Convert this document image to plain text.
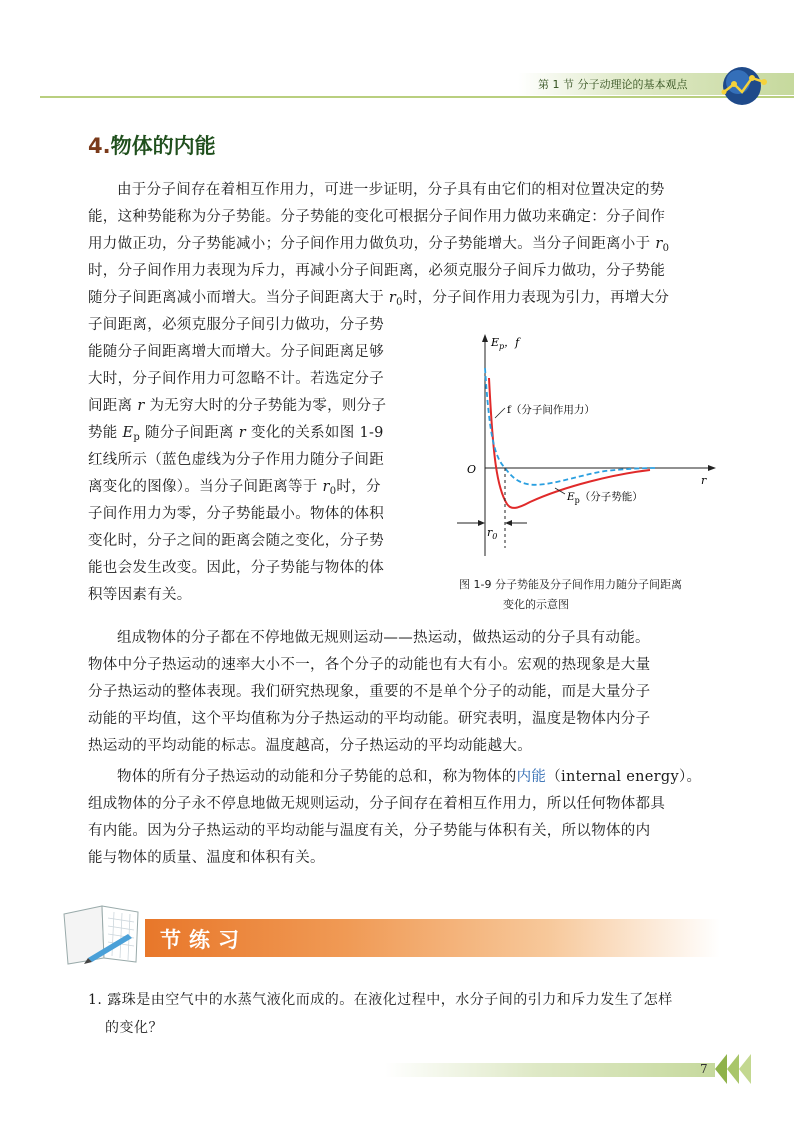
第 1 节 分子动理论的基本观点
4.物体的内能
由于分子间存在着相互作用力，可进一步证明，分子具有由它们的相对位置决定的势
能，这种势能称为分子势能。分子势能的变化可根据分子间作用力做功来确定：分子间作
用力做正功，分子势能减小；分子间作用力做负功，分子势能增大。当分子间距离小于 $r_0$
时，分子间作用力表现为斥力，再减小分子间距离，必须克服分子间斥力做功，分子势能
随分子间距离减小而增大。当分子间距离大于 $r_0$时，分子间作用力表现为引力，再增大分
子间距离，必须克服分子间引力做功，分子势
能随分子间距离增大而增大。分子间距离足够
大时，分子间作用力可忽略不计。若选定分子
间距离 r 为无穷大时的分子势能为零，则分子
势能 $E_p$ 随分子间距离 r 变化的关系如图 1-9
红线所示（蓝色虚线为分子作用力随分子间距
离变化的图像）。当分子间距离等于 $r_0$时，分
子间作用力为零，分子势能最小。物体的体积
变化时，分子之间的距离会随之变化，分子势
能也会发生改变。因此，分子势能与物体的体
积等因素有关。
$E_p$，f
r
O
$r_0$
f（分子间作用力）
$E_p$（分子势能）
图 1-9 分子势能及分子间作用力随分子间距离
变化的示意图
组成物体的分子都在不停地做无规则运动——热运动，做热运动的分子具有动能。
物体中分子热运动的速率大小不一，各个分子的动能也有大有小。宏观的热现象是大量
分子热运动的整体表现。我们研究热现象，重要的不是单个分子的动能，而是大量分子
动能的平均值，这个平均值称为分子热运动的平均动能。研究表明，温度是物体内分子
热运动的平均动能的标志。温度越高，分子热运动的平均动能越大。
物体的所有分子热运动的动能和分子势能的总和，称为物体的内能（internal energy）。
组成物体的分子永不停息地做无规则运动，分子间存在着相互作用力，所以任何物体都具
有内能。因为分子热运动的平均动能与温度有关，分子势能与体积有关，所以物体的内
能与物体的质量、温度和体积有关。
节练习
1. 露珠是由空气中的水蒸气液化而成的。在液化过程中，水分子间的引力和斥力发生了怎样
的变化？
7
